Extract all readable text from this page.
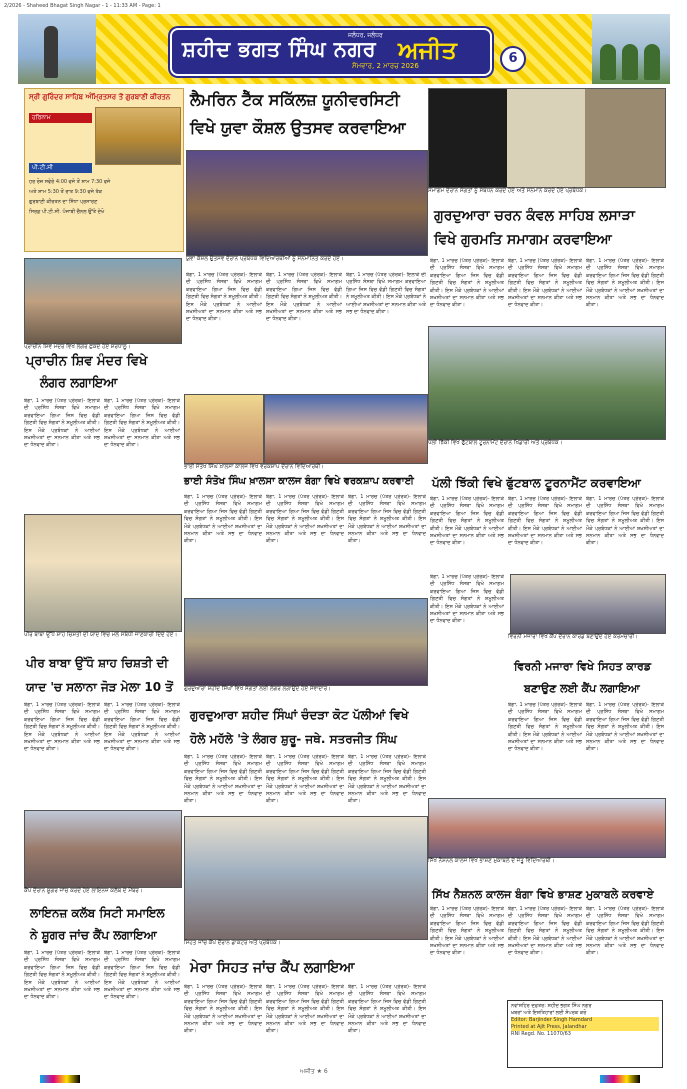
2/2026 - Shaheed Bhagat Singh Nagar - 1 - 11:33 AM - Page: 1
ਸ਼ਹੀਦ ਭਗਤ ਸਿੰਘ ਨਗਰ
ਜਲੰਧਰ, ਜਲੰਧਰ
ਅਜੀਤ
ਸੋਮਵਾਰ, 2 ਮਾਰਚ 2026	6
ਸ੍ਰੀ ਗੁਰਿੰਦਰ ਸਾਹਿਬ ਅੰਮ੍ਰਿਤਸਰ ਤੋਂ ਗੁਰਬਾਣੀ ਕੀਰਤਨ
ਹਰਿਨਾਮ
ਪੀ.ਟੀ.ਸੀ
ਹਰ ਰੋਜ਼ ਸਵੇਰੇ 4:00 ਵਜੇ ਤੋਂ ਸ਼ਾਮ 7:30 ਵਜੇ
ਅਤੇ ਸ਼ਾਮ 5:30 ਤੋਂ ਰਾਤ 9:30 ਵਜੇ ਤੱਕ
ਗੁਰਬਾਣੀ ਕੀਰਤਨ ਦਾ ਸਿੱਧਾ ਪ੍ਰਸਾਰਣ
ਸਿਰਫ਼ ਪੀ.ਟੀ.ਸੀ. ਪੰਜਾਬੀ ਚੈਨਲ ਉੱਤੇ ਦੇਖੋ
ਲੈਮਰਿਨ ਟੈੱਕ ਸਕਿੱਲਜ਼ ਯੂਨੀਵਰਸਿਟੀ
ਵਿਖੇ ਯੁਵਾ ਕੌਸ਼ਲ ਉਤਸਵ ਕਰਵਾਇਆ
ਯੁਵਾ ਕੌਸ਼ਲ ਉਤਸਵ ਦੌਰਾਨ ਪ੍ਰਬੰਧਕ ਵਿਦਿਆਰਥੀਆਂ ਨੂੰ ਸਨਮਾਨਿਤ ਕਰਦੇ ਹੋਏ।
ਬੰਗਾ, 1 ਮਾਰਚ (ਪੱਤਰ ਪ੍ਰੇਰਕ)- ਇਲਾਕੇ ਦੀ ਪ੍ਰਸਿੱਧ ਸੰਸਥਾ ਵਿਖੇ ਸਮਾਗਮ ਕਰਵਾਇਆ ਗਿਆ ਜਿਸ ਵਿਚ ਵੱਡੀ ਗਿਣਤੀ ਵਿਚ ਸੰਗਤਾਂ ਨੇ ਸ਼ਮੂਲੀਅਤ ਕੀਤੀ। ਇਸ ਮੌਕੇ ਪ੍ਰਬੰਧਕਾਂ ਨੇ ਆਈਆਂ ਸ਼ਖ਼ਸੀਅਤਾਂ ਦਾ ਸਨਮਾਨ ਕੀਤਾ ਅਤੇ ਸਭ ਦਾ ਧੰਨਵਾਦ ਕੀਤਾ।
ਬੰਗਾ, 1 ਮਾਰਚ (ਪੱਤਰ ਪ੍ਰੇਰਕ)- ਇਲਾਕੇ ਦੀ ਪ੍ਰਸਿੱਧ ਸੰਸਥਾ ਵਿਖੇ ਸਮਾਗਮ ਕਰਵਾਇਆ ਗਿਆ ਜਿਸ ਵਿਚ ਵੱਡੀ ਗਿਣਤੀ ਵਿਚ ਸੰਗਤਾਂ ਨੇ ਸ਼ਮੂਲੀਅਤ ਕੀਤੀ। ਇਸ ਮੌਕੇ ਪ੍ਰਬੰਧਕਾਂ ਨੇ ਆਈਆਂ ਸ਼ਖ਼ਸੀਅਤਾਂ ਦਾ ਸਨਮਾਨ ਕੀਤਾ ਅਤੇ ਸਭ ਦਾ ਧੰਨਵਾਦ ਕੀਤਾ।
ਬੰਗਾ, 1 ਮਾਰਚ (ਪੱਤਰ ਪ੍ਰੇਰਕ)- ਇਲਾਕੇ ਦੀ ਪ੍ਰਸਿੱਧ ਸੰਸਥਾ ਵਿਖੇ ਸਮਾਗਮ ਕਰਵਾਇਆ ਗਿਆ ਜਿਸ ਵਿਚ ਵੱਡੀ ਗਿਣਤੀ ਵਿਚ ਸੰਗਤਾਂ ਨੇ ਸ਼ਮੂਲੀਅਤ ਕੀਤੀ। ਇਸ ਮੌਕੇ ਪ੍ਰਬੰਧਕਾਂ ਨੇ ਆਈਆਂ ਸ਼ਖ਼ਸੀਅਤਾਂ ਦਾ ਸਨਮਾਨ ਕੀਤਾ ਅਤੇ ਸਭ ਦਾ ਧੰਨਵਾਦ ਕੀਤਾ।
ਸਮਾਗਮ ਦੌਰਾਨ ਸੰਗਤਾਂ ਨੂੰ ਸੰਬੋਧਨ ਕਰਦੇ ਹੋਏ ਅਤੇ ਸਨਮਾਨ ਕਰਦੇ ਹੋਏ ਪ੍ਰਬੰਧਕ।
ਗੁਰਦੁਆਰਾ ਚਰਨ ਕੰਵਲ ਸਾਹਿਬ ਲਸਾੜਾ
ਵਿਖੇ ਗੁਰਮਤਿ ਸਮਾਗਮ ਕਰਵਾਇਆ
ਬੰਗਾ, 1 ਮਾਰਚ (ਪੱਤਰ ਪ੍ਰੇਰਕ)- ਇਲਾਕੇ ਦੀ ਪ੍ਰਸਿੱਧ ਸੰਸਥਾ ਵਿਖੇ ਸਮਾਗਮ ਕਰਵਾਇਆ ਗਿਆ ਜਿਸ ਵਿਚ ਵੱਡੀ ਗਿਣਤੀ ਵਿਚ ਸੰਗਤਾਂ ਨੇ ਸ਼ਮੂਲੀਅਤ ਕੀਤੀ। ਇਸ ਮੌਕੇ ਪ੍ਰਬੰਧਕਾਂ ਨੇ ਆਈਆਂ ਸ਼ਖ਼ਸੀਅਤਾਂ ਦਾ ਸਨਮਾਨ ਕੀਤਾ ਅਤੇ ਸਭ ਦਾ ਧੰਨਵਾਦ ਕੀਤਾ।
ਬੰਗਾ, 1 ਮਾਰਚ (ਪੱਤਰ ਪ੍ਰੇਰਕ)- ਇਲਾਕੇ ਦੀ ਪ੍ਰਸਿੱਧ ਸੰਸਥਾ ਵਿਖੇ ਸਮਾਗਮ ਕਰਵਾਇਆ ਗਿਆ ਜਿਸ ਵਿਚ ਵੱਡੀ ਗਿਣਤੀ ਵਿਚ ਸੰਗਤਾਂ ਨੇ ਸ਼ਮੂਲੀਅਤ ਕੀਤੀ। ਇਸ ਮੌਕੇ ਪ੍ਰਬੰਧਕਾਂ ਨੇ ਆਈਆਂ ਸ਼ਖ਼ਸੀਅਤਾਂ ਦਾ ਸਨਮਾਨ ਕੀਤਾ ਅਤੇ ਸਭ ਦਾ ਧੰਨਵਾਦ ਕੀਤਾ।
ਬੰਗਾ, 1 ਮਾਰਚ (ਪੱਤਰ ਪ੍ਰੇਰਕ)- ਇਲਾਕੇ ਦੀ ਪ੍ਰਸਿੱਧ ਸੰਸਥਾ ਵਿਖੇ ਸਮਾਗਮ ਕਰਵਾਇਆ ਗਿਆ ਜਿਸ ਵਿਚ ਵੱਡੀ ਗਿਣਤੀ ਵਿਚ ਸੰਗਤਾਂ ਨੇ ਸ਼ਮੂਲੀਅਤ ਕੀਤੀ। ਇਸ ਮੌਕੇ ਪ੍ਰਬੰਧਕਾਂ ਨੇ ਆਈਆਂ ਸ਼ਖ਼ਸੀਅਤਾਂ ਦਾ ਸਨਮਾਨ ਕੀਤਾ ਅਤੇ ਸਭ ਦਾ ਧੰਨਵਾਦ ਕੀਤਾ।
ਪ੍ਰਾਚੀਨ ਸ਼ਿਵ ਮੰਦਰ ਵਿਖੇ ਲੰਗਰ ਛਕਦੇ ਹੋਏ ਸ਼ਰਧਾਲੂ।
ਪ੍ਰਾਚੀਨ ਸ਼ਿਵ ਮੰਦਰ ਵਿਖੇ
ਲੰਗਰ ਲਗਾਇਆ
ਬੰਗਾ, 1 ਮਾਰਚ (ਪੱਤਰ ਪ੍ਰੇਰਕ)- ਇਲਾਕੇ ਦੀ ਪ੍ਰਸਿੱਧ ਸੰਸਥਾ ਵਿਖੇ ਸਮਾਗਮ ਕਰਵਾਇਆ ਗਿਆ ਜਿਸ ਵਿਚ ਵੱਡੀ ਗਿਣਤੀ ਵਿਚ ਸੰਗਤਾਂ ਨੇ ਸ਼ਮੂਲੀਅਤ ਕੀਤੀ। ਇਸ ਮੌਕੇ ਪ੍ਰਬੰਧਕਾਂ ਨੇ ਆਈਆਂ ਸ਼ਖ਼ਸੀਅਤਾਂ ਦਾ ਸਨਮਾਨ ਕੀਤਾ ਅਤੇ ਸਭ ਦਾ ਧੰਨਵਾਦ ਕੀਤਾ।
ਬੰਗਾ, 1 ਮਾਰਚ (ਪੱਤਰ ਪ੍ਰੇਰਕ)- ਇਲਾਕੇ ਦੀ ਪ੍ਰਸਿੱਧ ਸੰਸਥਾ ਵਿਖੇ ਸਮਾਗਮ ਕਰਵਾਇਆ ਗਿਆ ਜਿਸ ਵਿਚ ਵੱਡੀ ਗਿਣਤੀ ਵਿਚ ਸੰਗਤਾਂ ਨੇ ਸ਼ਮੂਲੀਅਤ ਕੀਤੀ। ਇਸ ਮੌਕੇ ਪ੍ਰਬੰਧਕਾਂ ਨੇ ਆਈਆਂ ਸ਼ਖ਼ਸੀਅਤਾਂ ਦਾ ਸਨਮਾਨ ਕੀਤਾ ਅਤੇ ਸਭ ਦਾ ਧੰਨਵਾਦ ਕੀਤਾ।
ਭਾਈ ਸੰਤੋਖ ਸਿੰਘ ਖ਼ਾਲਸਾ ਕਾਲਜ ਵਿਖੇ ਵਰਕਸ਼ਾਪ ਦੌਰਾਨ ਵਿਦਿਆਰਥੀ।
ਭਾਈ ਸੰਤੋਖ ਸਿੰਘ ਖ਼ਾਲਸਾ ਕਾਲਜ ਬੰਗਾ ਵਿਖੇ ਵਰਕਸ਼ਾਪ ਕਰਵਾਈ
ਬੰਗਾ, 1 ਮਾਰਚ (ਪੱਤਰ ਪ੍ਰੇਰਕ)- ਇਲਾਕੇ ਦੀ ਪ੍ਰਸਿੱਧ ਸੰਸਥਾ ਵਿਖੇ ਸਮਾਗਮ ਕਰਵਾਇਆ ਗਿਆ ਜਿਸ ਵਿਚ ਵੱਡੀ ਗਿਣਤੀ ਵਿਚ ਸੰਗਤਾਂ ਨੇ ਸ਼ਮੂਲੀਅਤ ਕੀਤੀ। ਇਸ ਮੌਕੇ ਪ੍ਰਬੰਧਕਾਂ ਨੇ ਆਈਆਂ ਸ਼ਖ਼ਸੀਅਤਾਂ ਦਾ ਸਨਮਾਨ ਕੀਤਾ ਅਤੇ ਸਭ ਦਾ ਧੰਨਵਾਦ ਕੀਤਾ।
ਬੰਗਾ, 1 ਮਾਰਚ (ਪੱਤਰ ਪ੍ਰੇਰਕ)- ਇਲਾਕੇ ਦੀ ਪ੍ਰਸਿੱਧ ਸੰਸਥਾ ਵਿਖੇ ਸਮਾਗਮ ਕਰਵਾਇਆ ਗਿਆ ਜਿਸ ਵਿਚ ਵੱਡੀ ਗਿਣਤੀ ਵਿਚ ਸੰਗਤਾਂ ਨੇ ਸ਼ਮੂਲੀਅਤ ਕੀਤੀ। ਇਸ ਮੌਕੇ ਪ੍ਰਬੰਧਕਾਂ ਨੇ ਆਈਆਂ ਸ਼ਖ਼ਸੀਅਤਾਂ ਦਾ ਸਨਮਾਨ ਕੀਤਾ ਅਤੇ ਸਭ ਦਾ ਧੰਨਵਾਦ ਕੀਤਾ।
ਬੰਗਾ, 1 ਮਾਰਚ (ਪੱਤਰ ਪ੍ਰੇਰਕ)- ਇਲਾਕੇ ਦੀ ਪ੍ਰਸਿੱਧ ਸੰਸਥਾ ਵਿਖੇ ਸਮਾਗਮ ਕਰਵਾਇਆ ਗਿਆ ਜਿਸ ਵਿਚ ਵੱਡੀ ਗਿਣਤੀ ਵਿਚ ਸੰਗਤਾਂ ਨੇ ਸ਼ਮੂਲੀਅਤ ਕੀਤੀ। ਇਸ ਮੌਕੇ ਪ੍ਰਬੰਧਕਾਂ ਨੇ ਆਈਆਂ ਸ਼ਖ਼ਸੀਅਤਾਂ ਦਾ ਸਨਮਾਨ ਕੀਤਾ ਅਤੇ ਸਭ ਦਾ ਧੰਨਵਾਦ ਕੀਤਾ।
ਪੱਲੀ ਝਿੱਕੀ ਵਿਖੇ ਫੁੱਟਬਾਲ ਟੂਰਨਾਮੈਂਟ ਦੌਰਾਨ ਖਿਡਾਰੀ ਅਤੇ ਪ੍ਰਬੰਧਕ।
ਪੱਲੀ ਝਿੱਕੀ ਵਿਖੇ ਫੁੱਟਬਾਲ ਟੂਰਨਾਮੈਂਟ ਕਰਵਾਇਆ
ਬੰਗਾ, 1 ਮਾਰਚ (ਪੱਤਰ ਪ੍ਰੇਰਕ)- ਇਲਾਕੇ ਦੀ ਪ੍ਰਸਿੱਧ ਸੰਸਥਾ ਵਿਖੇ ਸਮਾਗਮ ਕਰਵਾਇਆ ਗਿਆ ਜਿਸ ਵਿਚ ਵੱਡੀ ਗਿਣਤੀ ਵਿਚ ਸੰਗਤਾਂ ਨੇ ਸ਼ਮੂਲੀਅਤ ਕੀਤੀ। ਇਸ ਮੌਕੇ ਪ੍ਰਬੰਧਕਾਂ ਨੇ ਆਈਆਂ ਸ਼ਖ਼ਸੀਅਤਾਂ ਦਾ ਸਨਮਾਨ ਕੀਤਾ ਅਤੇ ਸਭ ਦਾ ਧੰਨਵਾਦ ਕੀਤਾ।
ਬੰਗਾ, 1 ਮਾਰਚ (ਪੱਤਰ ਪ੍ਰੇਰਕ)- ਇਲਾਕੇ ਦੀ ਪ੍ਰਸਿੱਧ ਸੰਸਥਾ ਵਿਖੇ ਸਮਾਗਮ ਕਰਵਾਇਆ ਗਿਆ ਜਿਸ ਵਿਚ ਵੱਡੀ ਗਿਣਤੀ ਵਿਚ ਸੰਗਤਾਂ ਨੇ ਸ਼ਮੂਲੀਅਤ ਕੀਤੀ। ਇਸ ਮੌਕੇ ਪ੍ਰਬੰਧਕਾਂ ਨੇ ਆਈਆਂ ਸ਼ਖ਼ਸੀਅਤਾਂ ਦਾ ਸਨਮਾਨ ਕੀਤਾ ਅਤੇ ਸਭ ਦਾ ਧੰਨਵਾਦ ਕੀਤਾ।
ਬੰਗਾ, 1 ਮਾਰਚ (ਪੱਤਰ ਪ੍ਰੇਰਕ)- ਇਲਾਕੇ ਦੀ ਪ੍ਰਸਿੱਧ ਸੰਸਥਾ ਵਿਖੇ ਸਮਾਗਮ ਕਰਵਾਇਆ ਗਿਆ ਜਿਸ ਵਿਚ ਵੱਡੀ ਗਿਣਤੀ ਵਿਚ ਸੰਗਤਾਂ ਨੇ ਸ਼ਮੂਲੀਅਤ ਕੀਤੀ। ਇਸ ਮੌਕੇ ਪ੍ਰਬੰਧਕਾਂ ਨੇ ਆਈਆਂ ਸ਼ਖ਼ਸੀਅਤਾਂ ਦਾ ਸਨਮਾਨ ਕੀਤਾ ਅਤੇ ਸਭ ਦਾ ਧੰਨਵਾਦ ਕੀਤਾ।
ਪੀਰ ਬਾਬਾ ਉੱਧੋ ਸ਼ਾਹ ਚਿਸ਼ਤੀ ਦੀ ਯਾਦ ਵਿਚ ਮੇਲੇ ਸਬੰਧੀ ਜਾਣਕਾਰੀ ਦਿੰਦੇ ਹੋਏ।
ਪੀਰ ਬਾਬਾ ਉੱਧੋ ਸ਼ਾਹ ਚਿਸ਼ਤੀ ਦੀ
ਯਾਦ 'ਚ ਸਲਾਨਾ ਜੋੜ ਮੇਲਾ 10 ਤੋਂ
ਬੰਗਾ, 1 ਮਾਰਚ (ਪੱਤਰ ਪ੍ਰੇਰਕ)- ਇਲਾਕੇ ਦੀ ਪ੍ਰਸਿੱਧ ਸੰਸਥਾ ਵਿਖੇ ਸਮਾਗਮ ਕਰਵਾਇਆ ਗਿਆ ਜਿਸ ਵਿਚ ਵੱਡੀ ਗਿਣਤੀ ਵਿਚ ਸੰਗਤਾਂ ਨੇ ਸ਼ਮੂਲੀਅਤ ਕੀਤੀ। ਇਸ ਮੌਕੇ ਪ੍ਰਬੰਧਕਾਂ ਨੇ ਆਈਆਂ ਸ਼ਖ਼ਸੀਅਤਾਂ ਦਾ ਸਨਮਾਨ ਕੀਤਾ ਅਤੇ ਸਭ ਦਾ ਧੰਨਵਾਦ ਕੀਤਾ।
ਬੰਗਾ, 1 ਮਾਰਚ (ਪੱਤਰ ਪ੍ਰੇਰਕ)- ਇਲਾਕੇ ਦੀ ਪ੍ਰਸਿੱਧ ਸੰਸਥਾ ਵਿਖੇ ਸਮਾਗਮ ਕਰਵਾਇਆ ਗਿਆ ਜਿਸ ਵਿਚ ਵੱਡੀ ਗਿਣਤੀ ਵਿਚ ਸੰਗਤਾਂ ਨੇ ਸ਼ਮੂਲੀਅਤ ਕੀਤੀ। ਇਸ ਮੌਕੇ ਪ੍ਰਬੰਧਕਾਂ ਨੇ ਆਈਆਂ ਸ਼ਖ਼ਸੀਅਤਾਂ ਦਾ ਸਨਮਾਨ ਕੀਤਾ ਅਤੇ ਸਭ ਦਾ ਧੰਨਵਾਦ ਕੀਤਾ।
ਗੁਰਦੁਆਰਾ ਸ਼ਹੀਦ ਸਿੰਘਾਂ ਵਿਖੇ ਸੰਗਤਾਂ ਲਈ ਲੰਗਰ ਲਗਾਉਂਦੇ ਹੋਏ ਸੇਵਾਦਾਰ।
ਗੁਰਦੁਆਰਾ ਸ਼ਹੀਦ ਸਿੰਘਾਂ ਚੰਦੜਾ ਕੋਟ ਪੱਲੀਆਂ ਵਿਖੇ
ਹੋਲੇ ਮਹੱਲੇ 'ਤੇ ਲੰਗਰ ਸ਼ੁਰੂ- ਜਥੇ. ਸਤਰਜੀਤ ਸਿੰਘ
ਬੰਗਾ, 1 ਮਾਰਚ (ਪੱਤਰ ਪ੍ਰੇਰਕ)- ਇਲਾਕੇ ਦੀ ਪ੍ਰਸਿੱਧ ਸੰਸਥਾ ਵਿਖੇ ਸਮਾਗਮ ਕਰਵਾਇਆ ਗਿਆ ਜਿਸ ਵਿਚ ਵੱਡੀ ਗਿਣਤੀ ਵਿਚ ਸੰਗਤਾਂ ਨੇ ਸ਼ਮੂਲੀਅਤ ਕੀਤੀ। ਇਸ ਮੌਕੇ ਪ੍ਰਬੰਧਕਾਂ ਨੇ ਆਈਆਂ ਸ਼ਖ਼ਸੀਅਤਾਂ ਦਾ ਸਨਮਾਨ ਕੀਤਾ ਅਤੇ ਸਭ ਦਾ ਧੰਨਵਾਦ ਕੀਤਾ।
ਬੰਗਾ, 1 ਮਾਰਚ (ਪੱਤਰ ਪ੍ਰੇਰਕ)- ਇਲਾਕੇ ਦੀ ਪ੍ਰਸਿੱਧ ਸੰਸਥਾ ਵਿਖੇ ਸਮਾਗਮ ਕਰਵਾਇਆ ਗਿਆ ਜਿਸ ਵਿਚ ਵੱਡੀ ਗਿਣਤੀ ਵਿਚ ਸੰਗਤਾਂ ਨੇ ਸ਼ਮੂਲੀਅਤ ਕੀਤੀ। ਇਸ ਮੌਕੇ ਪ੍ਰਬੰਧਕਾਂ ਨੇ ਆਈਆਂ ਸ਼ਖ਼ਸੀਅਤਾਂ ਦਾ ਸਨਮਾਨ ਕੀਤਾ ਅਤੇ ਸਭ ਦਾ ਧੰਨਵਾਦ ਕੀਤਾ।
ਬੰਗਾ, 1 ਮਾਰਚ (ਪੱਤਰ ਪ੍ਰੇਰਕ)- ਇਲਾਕੇ ਦੀ ਪ੍ਰਸਿੱਧ ਸੰਸਥਾ ਵਿਖੇ ਸਮਾਗਮ ਕਰਵਾਇਆ ਗਿਆ ਜਿਸ ਵਿਚ ਵੱਡੀ ਗਿਣਤੀ ਵਿਚ ਸੰਗਤਾਂ ਨੇ ਸ਼ਮੂਲੀਅਤ ਕੀਤੀ। ਇਸ ਮੌਕੇ ਪ੍ਰਬੰਧਕਾਂ ਨੇ ਆਈਆਂ ਸ਼ਖ਼ਸੀਅਤਾਂ ਦਾ ਸਨਮਾਨ ਕੀਤਾ ਅਤੇ ਸਭ ਦਾ ਧੰਨਵਾਦ ਕੀਤਾ।
ਵਿਰਨੀ ਮਜਾਰਾ ਵਿਖੇ ਕੈਂਪ ਦੌਰਾਨ ਕਾਰਡ ਬਣਾਉਂਦੇ ਹੋਏ ਕਰਮਚਾਰੀ।
ਵਿਰਨੀ ਮਜਾਰਾ ਵਿਖੇ ਸਿਹਤ ਕਾਰਡ
ਬਣਾਉਣ ਲਈ ਕੈਂਪ ਲਗਾਇਆ
ਬੰਗਾ, 1 ਮਾਰਚ (ਪੱਤਰ ਪ੍ਰੇਰਕ)- ਇਲਾਕੇ ਦੀ ਪ੍ਰਸਿੱਧ ਸੰਸਥਾ ਵਿਖੇ ਸਮਾਗਮ ਕਰਵਾਇਆ ਗਿਆ ਜਿਸ ਵਿਚ ਵੱਡੀ ਗਿਣਤੀ ਵਿਚ ਸੰਗਤਾਂ ਨੇ ਸ਼ਮੂਲੀਅਤ ਕੀਤੀ। ਇਸ ਮੌਕੇ ਪ੍ਰਬੰਧਕਾਂ ਨੇ ਆਈਆਂ ਸ਼ਖ਼ਸੀਅਤਾਂ ਦਾ ਸਨਮਾਨ ਕੀਤਾ ਅਤੇ ਸਭ ਦਾ ਧੰਨਵਾਦ ਕੀਤਾ।
ਬੰਗਾ, 1 ਮਾਰਚ (ਪੱਤਰ ਪ੍ਰੇਰਕ)- ਇਲਾਕੇ ਦੀ ਪ੍ਰਸਿੱਧ ਸੰਸਥਾ ਵਿਖੇ ਸਮਾਗਮ ਕਰਵਾਇਆ ਗਿਆ ਜਿਸ ਵਿਚ ਵੱਡੀ ਗਿਣਤੀ ਵਿਚ ਸੰਗਤਾਂ ਨੇ ਸ਼ਮੂਲੀਅਤ ਕੀਤੀ। ਇਸ ਮੌਕੇ ਪ੍ਰਬੰਧਕਾਂ ਨੇ ਆਈਆਂ ਸ਼ਖ਼ਸੀਅਤਾਂ ਦਾ ਸਨਮਾਨ ਕੀਤਾ ਅਤੇ ਸਭ ਦਾ ਧੰਨਵਾਦ ਕੀਤਾ।
ਬੰਗਾ, 1 ਮਾਰਚ (ਪੱਤਰ ਪ੍ਰੇਰਕ)- ਇਲਾਕੇ ਦੀ ਪ੍ਰਸਿੱਧ ਸੰਸਥਾ ਵਿਖੇ ਸਮਾਗਮ ਕਰਵਾਇਆ ਗਿਆ ਜਿਸ ਵਿਚ ਵੱਡੀ ਗਿਣਤੀ ਵਿਚ ਸੰਗਤਾਂ ਨੇ ਸ਼ਮੂਲੀਅਤ ਕੀਤੀ। ਇਸ ਮੌਕੇ ਪ੍ਰਬੰਧਕਾਂ ਨੇ ਆਈਆਂ ਸ਼ਖ਼ਸੀਅਤਾਂ ਦਾ ਸਨਮਾਨ ਕੀਤਾ ਅਤੇ ਸਭ ਦਾ ਧੰਨਵਾਦ ਕੀਤਾ।
ਕੈਂਪ ਦੌਰਾਨ ਸ਼ੂਗਰ ਜਾਂਚ ਕਰਦੇ ਹੋਏ ਲਾਇਨਜ਼ ਕਲੱਬ ਦੇ ਮੈਂਬਰ।
ਲਾਇਨਜ਼ ਕਲੱਬ ਸਿਟੀ ਸਮਾਇਲ
ਨੇ ਸ਼ੂਗਰ ਜਾਂਚ ਕੈਂਪ ਲਗਾਇਆ
ਬੰਗਾ, 1 ਮਾਰਚ (ਪੱਤਰ ਪ੍ਰੇਰਕ)- ਇਲਾਕੇ ਦੀ ਪ੍ਰਸਿੱਧ ਸੰਸਥਾ ਵਿਖੇ ਸਮਾਗਮ ਕਰਵਾਇਆ ਗਿਆ ਜਿਸ ਵਿਚ ਵੱਡੀ ਗਿਣਤੀ ਵਿਚ ਸੰਗਤਾਂ ਨੇ ਸ਼ਮੂਲੀਅਤ ਕੀਤੀ। ਇਸ ਮੌਕੇ ਪ੍ਰਬੰਧਕਾਂ ਨੇ ਆਈਆਂ ਸ਼ਖ਼ਸੀਅਤਾਂ ਦਾ ਸਨਮਾਨ ਕੀਤਾ ਅਤੇ ਸਭ ਦਾ ਧੰਨਵਾਦ ਕੀਤਾ।
ਬੰਗਾ, 1 ਮਾਰਚ (ਪੱਤਰ ਪ੍ਰੇਰਕ)- ਇਲਾਕੇ ਦੀ ਪ੍ਰਸਿੱਧ ਸੰਸਥਾ ਵਿਖੇ ਸਮਾਗਮ ਕਰਵਾਇਆ ਗਿਆ ਜਿਸ ਵਿਚ ਵੱਡੀ ਗਿਣਤੀ ਵਿਚ ਸੰਗਤਾਂ ਨੇ ਸ਼ਮੂਲੀਅਤ ਕੀਤੀ। ਇਸ ਮੌਕੇ ਪ੍ਰਬੰਧਕਾਂ ਨੇ ਆਈਆਂ ਸ਼ਖ਼ਸੀਅਤਾਂ ਦਾ ਸਨਮਾਨ ਕੀਤਾ ਅਤੇ ਸਭ ਦਾ ਧੰਨਵਾਦ ਕੀਤਾ।
ਸਿਹਤ ਜਾਂਚ ਕੈਂਪ ਦੌਰਾਨ ਡਾਕਟਰ ਅਤੇ ਪ੍ਰਬੰਧਕ।
ਮੇਰਾ ਸਿਹਤ ਜਾਂਚ ਕੈਂਪ ਲਗਾਇਆ
ਬੰਗਾ, 1 ਮਾਰਚ (ਪੱਤਰ ਪ੍ਰੇਰਕ)- ਇਲਾਕੇ ਦੀ ਪ੍ਰਸਿੱਧ ਸੰਸਥਾ ਵਿਖੇ ਸਮਾਗਮ ਕਰਵਾਇਆ ਗਿਆ ਜਿਸ ਵਿਚ ਵੱਡੀ ਗਿਣਤੀ ਵਿਚ ਸੰਗਤਾਂ ਨੇ ਸ਼ਮੂਲੀਅਤ ਕੀਤੀ। ਇਸ ਮੌਕੇ ਪ੍ਰਬੰਧਕਾਂ ਨੇ ਆਈਆਂ ਸ਼ਖ਼ਸੀਅਤਾਂ ਦਾ ਸਨਮਾਨ ਕੀਤਾ ਅਤੇ ਸਭ ਦਾ ਧੰਨਵਾਦ ਕੀਤਾ।
ਬੰਗਾ, 1 ਮਾਰਚ (ਪੱਤਰ ਪ੍ਰੇਰਕ)- ਇਲਾਕੇ ਦੀ ਪ੍ਰਸਿੱਧ ਸੰਸਥਾ ਵਿਖੇ ਸਮਾਗਮ ਕਰਵਾਇਆ ਗਿਆ ਜਿਸ ਵਿਚ ਵੱਡੀ ਗਿਣਤੀ ਵਿਚ ਸੰਗਤਾਂ ਨੇ ਸ਼ਮੂਲੀਅਤ ਕੀਤੀ। ਇਸ ਮੌਕੇ ਪ੍ਰਬੰਧਕਾਂ ਨੇ ਆਈਆਂ ਸ਼ਖ਼ਸੀਅਤਾਂ ਦਾ ਸਨਮਾਨ ਕੀਤਾ ਅਤੇ ਸਭ ਦਾ ਧੰਨਵਾਦ ਕੀਤਾ।
ਬੰਗਾ, 1 ਮਾਰਚ (ਪੱਤਰ ਪ੍ਰੇਰਕ)- ਇਲਾਕੇ ਦੀ ਪ੍ਰਸਿੱਧ ਸੰਸਥਾ ਵਿਖੇ ਸਮਾਗਮ ਕਰਵਾਇਆ ਗਿਆ ਜਿਸ ਵਿਚ ਵੱਡੀ ਗਿਣਤੀ ਵਿਚ ਸੰਗਤਾਂ ਨੇ ਸ਼ਮੂਲੀਅਤ ਕੀਤੀ। ਇਸ ਮੌਕੇ ਪ੍ਰਬੰਧਕਾਂ ਨੇ ਆਈਆਂ ਸ਼ਖ਼ਸੀਅਤਾਂ ਦਾ ਸਨਮਾਨ ਕੀਤਾ ਅਤੇ ਸਭ ਦਾ ਧੰਨਵਾਦ ਕੀਤਾ।
ਸਿੱਖ ਨੈਸ਼ਨਲ ਕਾਲਜ ਵਿਖੇ ਭਾਸ਼ਣ ਮੁਕਾਬਲੇ ਦੇ ਜੇਤੂ ਵਿਦਿਆਰਥੀ।
ਸਿੱਖ ਨੈਸ਼ਨਲ ਕਾਲਜ ਬੰਗਾ ਵਿਖੇ ਭਾਸ਼ਣ ਮੁਕਾਬਲੇ ਕਰਵਾਏ
ਬੰਗਾ, 1 ਮਾਰਚ (ਪੱਤਰ ਪ੍ਰੇਰਕ)- ਇਲਾਕੇ ਦੀ ਪ੍ਰਸਿੱਧ ਸੰਸਥਾ ਵਿਖੇ ਸਮਾਗਮ ਕਰਵਾਇਆ ਗਿਆ ਜਿਸ ਵਿਚ ਵੱਡੀ ਗਿਣਤੀ ਵਿਚ ਸੰਗਤਾਂ ਨੇ ਸ਼ਮੂਲੀਅਤ ਕੀਤੀ। ਇਸ ਮੌਕੇ ਪ੍ਰਬੰਧਕਾਂ ਨੇ ਆਈਆਂ ਸ਼ਖ਼ਸੀਅਤਾਂ ਦਾ ਸਨਮਾਨ ਕੀਤਾ ਅਤੇ ਸਭ ਦਾ ਧੰਨਵਾਦ ਕੀਤਾ।
ਬੰਗਾ, 1 ਮਾਰਚ (ਪੱਤਰ ਪ੍ਰੇਰਕ)- ਇਲਾਕੇ ਦੀ ਪ੍ਰਸਿੱਧ ਸੰਸਥਾ ਵਿਖੇ ਸਮਾਗਮ ਕਰਵਾਇਆ ਗਿਆ ਜਿਸ ਵਿਚ ਵੱਡੀ ਗਿਣਤੀ ਵਿਚ ਸੰਗਤਾਂ ਨੇ ਸ਼ਮੂਲੀਅਤ ਕੀਤੀ। ਇਸ ਮੌਕੇ ਪ੍ਰਬੰਧਕਾਂ ਨੇ ਆਈਆਂ ਸ਼ਖ਼ਸੀਅਤਾਂ ਦਾ ਸਨਮਾਨ ਕੀਤਾ ਅਤੇ ਸਭ ਦਾ ਧੰਨਵਾਦ ਕੀਤਾ।
ਬੰਗਾ, 1 ਮਾਰਚ (ਪੱਤਰ ਪ੍ਰੇਰਕ)- ਇਲਾਕੇ ਦੀ ਪ੍ਰਸਿੱਧ ਸੰਸਥਾ ਵਿਖੇ ਸਮਾਗਮ ਕਰਵਾਇਆ ਗਿਆ ਜਿਸ ਵਿਚ ਵੱਡੀ ਗਿਣਤੀ ਵਿਚ ਸੰਗਤਾਂ ਨੇ ਸ਼ਮੂਲੀਅਤ ਕੀਤੀ। ਇਸ ਮੌਕੇ ਪ੍ਰਬੰਧਕਾਂ ਨੇ ਆਈਆਂ ਸ਼ਖ਼ਸੀਅਤਾਂ ਦਾ ਸਨਮਾਨ ਕੀਤਾ ਅਤੇ ਸਭ ਦਾ ਧੰਨਵਾਦ ਕੀਤਾ।
ਨਵਾਂਸ਼ਹਿਰ ਦਫ਼ਤਰ: ਸ਼ਹੀਦ ਭਗਤ ਸਿੰਘ ਨਗਰ
ਖ਼ਬਰਾਂ ਅਤੇ ਇਸ਼ਤਿਹਾਰਾਂ ਲਈ ਸੰਪਰਕ ਕਰੋ
Editor: Barjinder Singh Hamdard
Printed at Ajit Press, Jalandhar
RNI Regd. No. 11070/63
ਅਜੀਤ ★ 6
